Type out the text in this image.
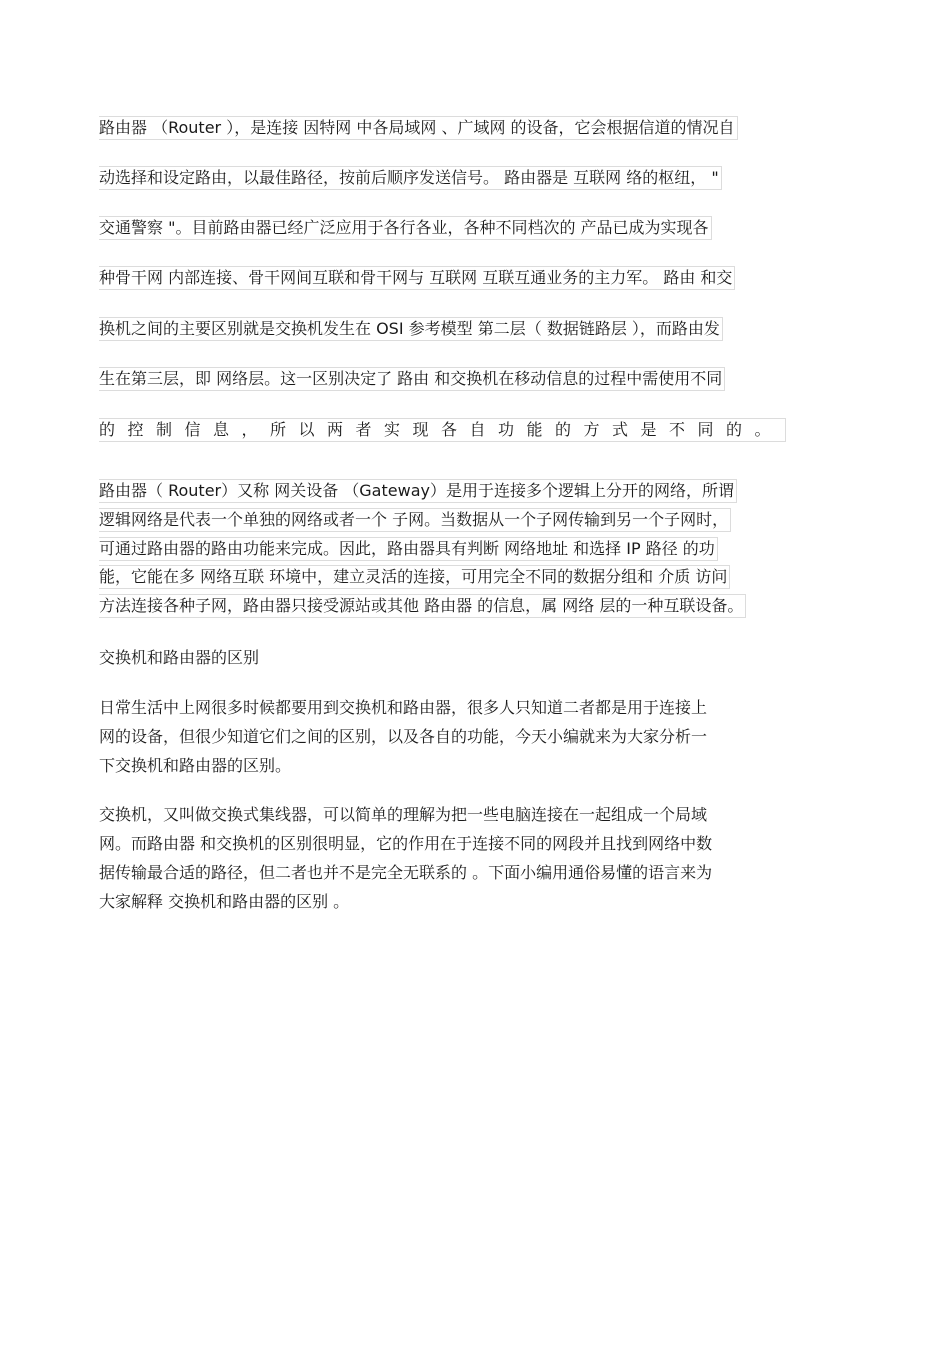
路由器 （Router ），是连接 因特网 中各局域网 、广域网 的设备，它会根据信道的情况自
动选择和设定路由，以最佳路径，按前后顺序发送信号。 路由器是 互联网 络的枢纽， "
交通警察 "。目前路由器已经广泛应用于各行各业，各种不同档次的 产品已成为实现各
种骨干网 内部连接、骨干网间互联和骨干网与 互联网 互联互通业务的主力军。 路由 和交
换机之间的主要区别就是交换机发生在 OSI 参考模型 第二层（ 数据链路层 ），而路由发
生在第三层，即 网络层。这一区别决定了 路由 和交换机在移动信息的过程中需使用不同
的控制信息，所以两者实现各自功能的方式是不同的。
路由器（ Router）又称 网关设备 （Gateway）是用于连接多个逻辑上分开的网络，所谓
逻辑网络是代表一个单独的网络或者一个 子网。当数据从一个子网传输到另一个子网时，
可通过路由器的路由功能来完成。因此，路由器具有判断 网络地址 和选择 IP 路径 的功
能，它能在多 网络互联 环境中，建立灵活的连接，可用完全不同的数据分组和 介质 访问
方法连接各种子网，路由器只接受源站或其他 路由器 的信息，属 网络 层的一种互联设备。
交换机和路由器的区别
日常生活中上网很多时候都要用到交换机和路由器，很多人只知道二者都是用于连接上
网的设备，但很少知道它们之间的区别，以及各自的功能，今天小编就来为大家分析一
下交换机和路由器的区别。
交换机，又叫做交换式集线器，可以简单的理解为把一些电脑连接在一起组成一个局域
网。而路由器 和交换机的区别很明显，它的作用在于连接不同的网段并且找到网络中数
据传输最合适的路径，但二者也并不是完全无联系的 。下面小编用通俗易懂的语言来为
大家解释 交换机和路由器的区别 。
